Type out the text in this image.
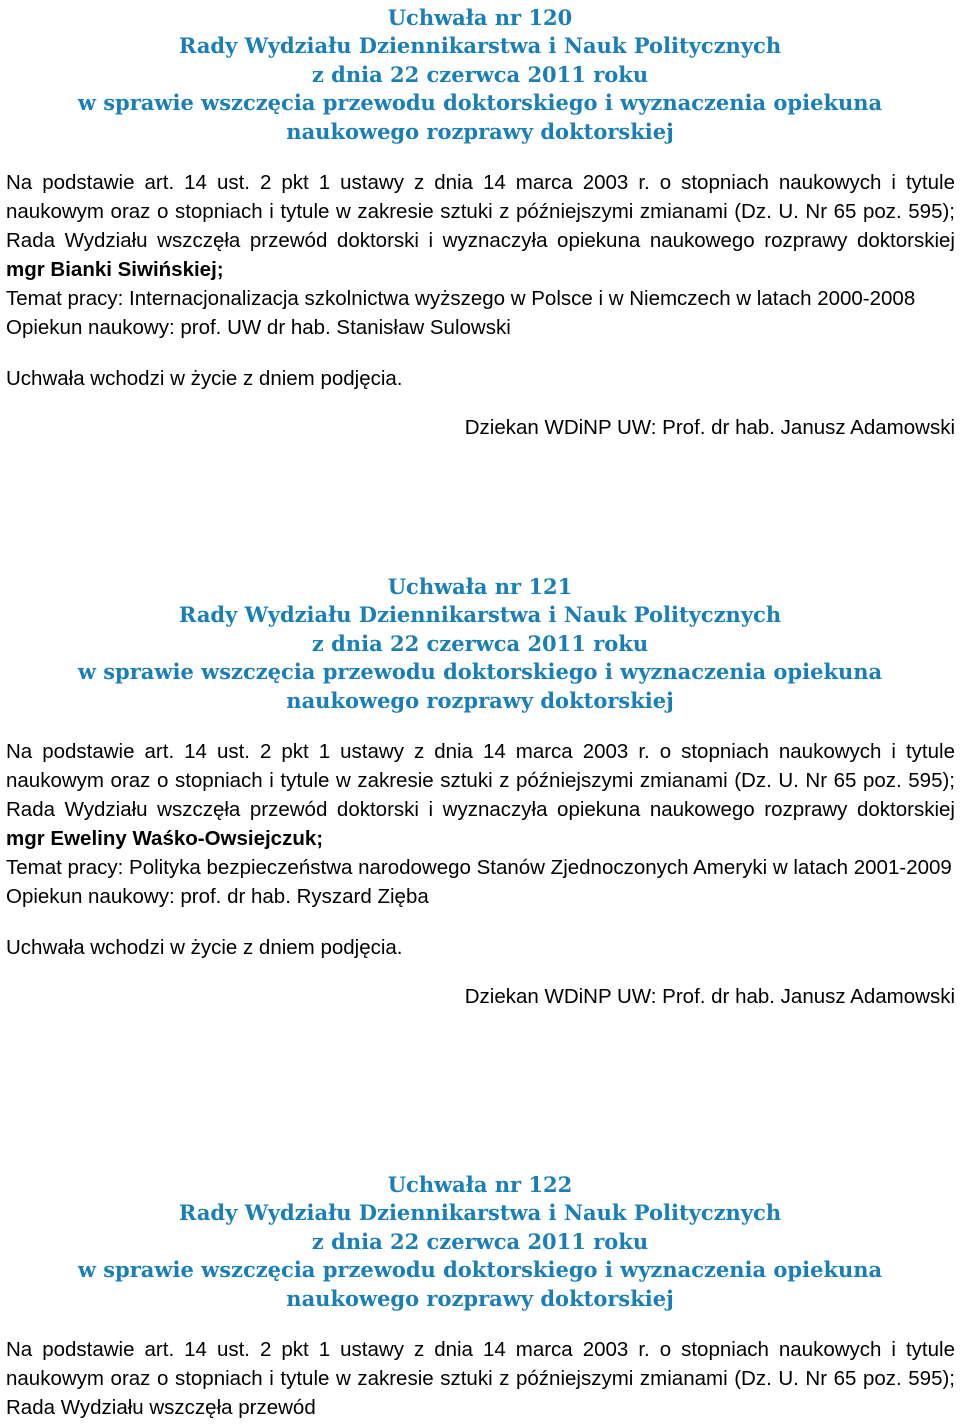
Uchwała nr 120
Rady Wydziału Dziennikarstwa i Nauk Politycznych
z dnia 22 czerwca 2011 roku
w sprawie wszczęcia przewodu doktorskiego i wyznaczenia opiekuna
naukowego rozprawy doktorskiej
Na podstawie art. 14 ust. 2 pkt 1 ustawy z dnia 14 marca 2003 r. o stopniach naukowych i tytule naukowym oraz o stopniach i tytule w zakresie sztuki z późniejszymi zmianami (Dz. U. Nr 65 poz. 595); Rada Wydziału wszczęła przewód doktorski i wyznaczyła opiekuna naukowego rozprawy doktorskiej mgr Bianki Siwińskiej;
Temat pracy: Internacjonalizacja szkolnictwa wyższego w Polsce i w Niemczech w latach 2000-2008
Opiekun naukowy: prof. UW dr hab. Stanisław Sulowski
Uchwała wchodzi w życie z dniem podjęcia.
Dziekan WDiNP UW: Prof. dr hab. Janusz Adamowski
Uchwała nr 121
Rady Wydziału Dziennikarstwa i Nauk Politycznych
z dnia 22 czerwca 2011 roku
w sprawie wszczęcia przewodu doktorskiego i wyznaczenia opiekuna
naukowego rozprawy doktorskiej
Na podstawie art. 14 ust. 2 pkt 1 ustawy z dnia 14 marca 2003 r. o stopniach naukowych i tytule naukowym oraz o stopniach i tytule w zakresie sztuki z późniejszymi zmianami (Dz. U. Nr 65 poz. 595); Rada Wydziału wszczęła przewód doktorski i wyznaczyła opiekuna naukowego rozprawy doktorskiej mgr Eweliny Waśko-Owsiejczuk;
Temat pracy: Polityka bezpieczeństwa narodowego Stanów Zjednoczonych Ameryki w latach 2001-2009
Opiekun naukowy: prof. dr hab. Ryszard Zięba
Uchwała wchodzi w życie z dniem podjęcia.
Dziekan WDiNP UW: Prof. dr hab. Janusz Adamowski
Uchwała nr 122
Rady Wydziału Dziennikarstwa i Nauk Politycznych
z dnia 22 czerwca 2011 roku
w sprawie wszczęcia przewodu doktorskiego i wyznaczenia opiekuna
naukowego rozprawy doktorskiej
Na podstawie art. 14 ust. 2 pkt 1 ustawy z dnia 14 marca 2003 r. o stopniach naukowych i tytule naukowym oraz o stopniach i tytule w zakresie sztuki z późniejszymi zmianami (Dz. U. Nr 65 poz. 595); Rada Wydziału wszczęła przewód
